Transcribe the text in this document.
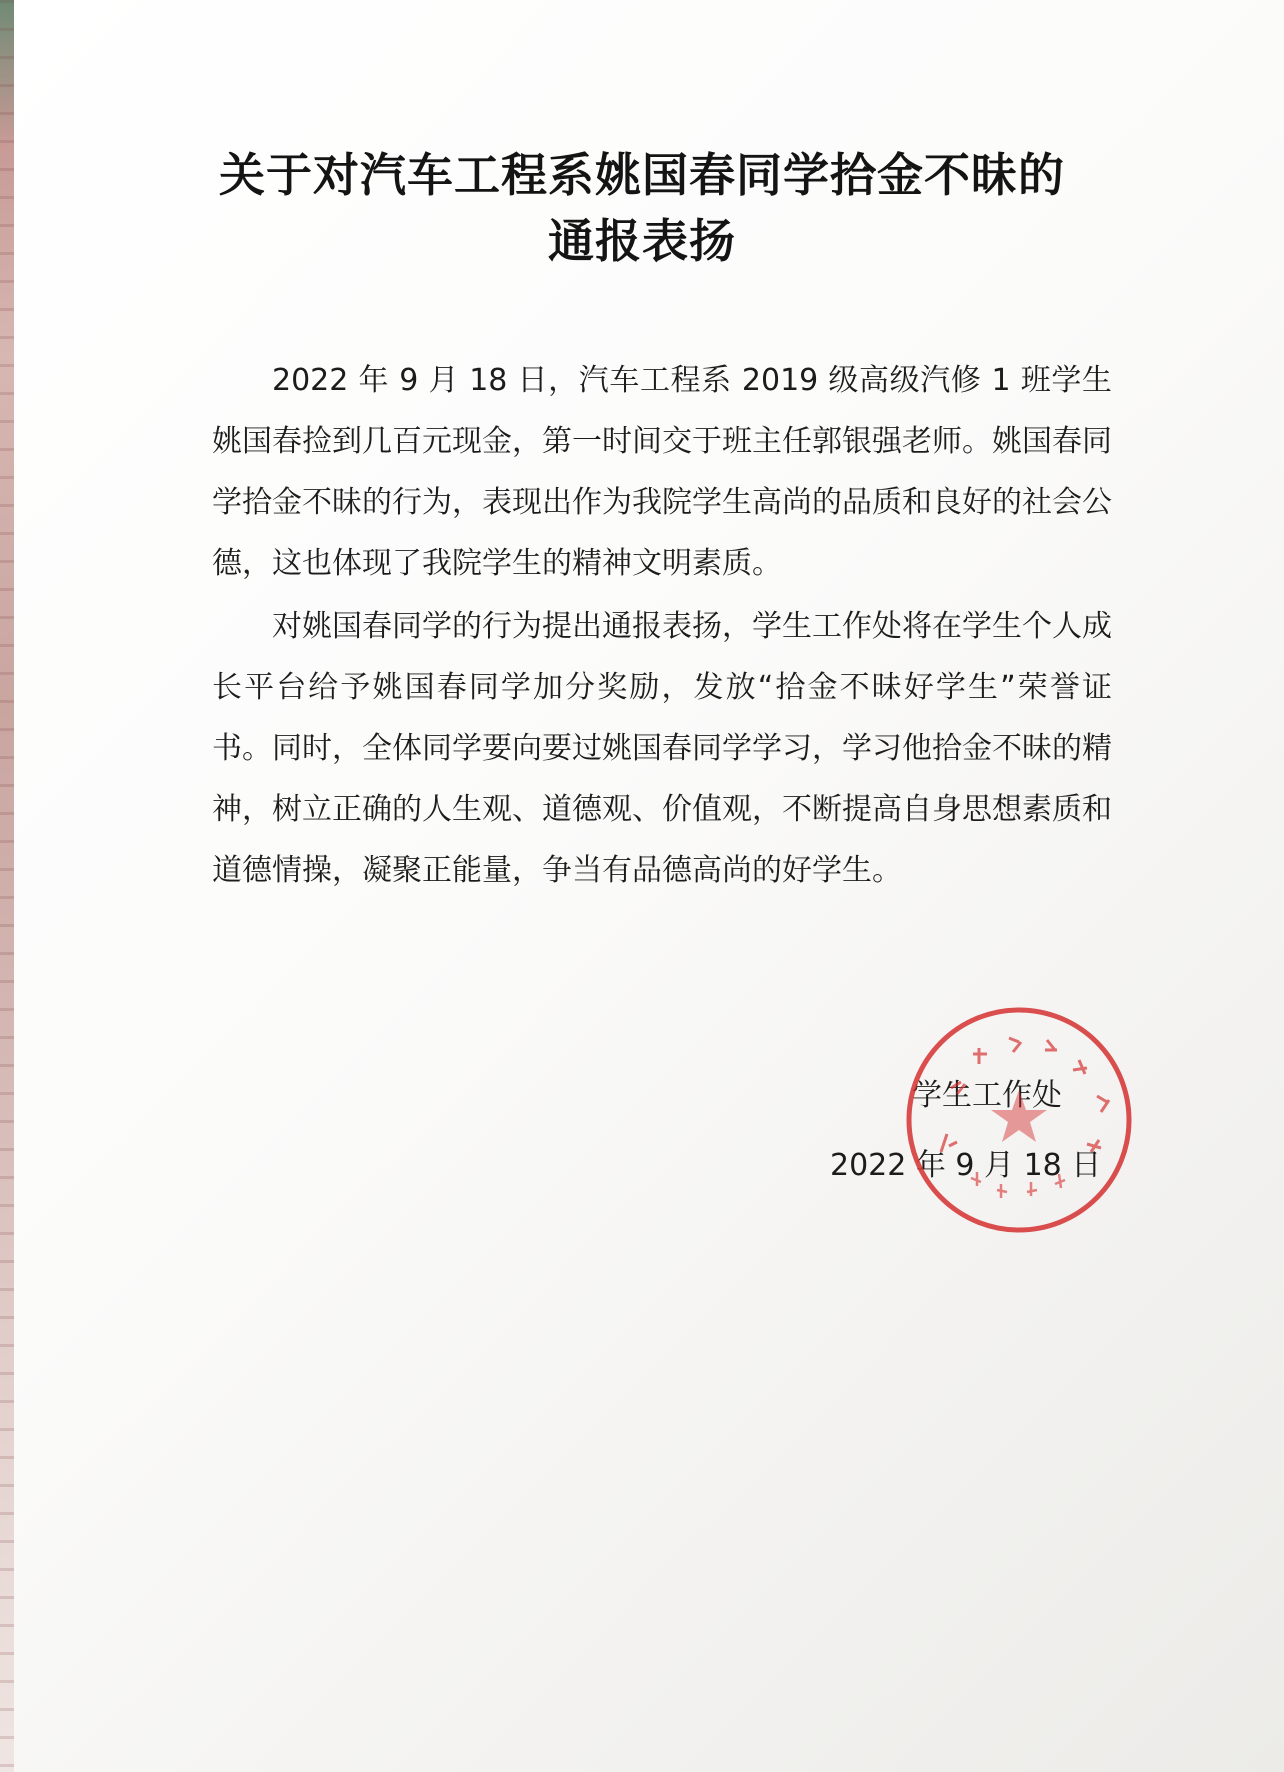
关于对汽车工程系姚国春同学拾金不昧的
通报表扬

2022 年 9 月 18 日，汽车工程系 2019 级高级汽修 1 班学生姚国春捡到几百元现金，第一时间交于班主任郭银强老师。姚国春同学拾金不昧的行为，表现出作为我院学生高尚的品质和良好的社会公德，这也体现了我院学生的精神文明素质。

对姚国春同学的行为提出通报表扬，学生工作处将在学生个人成长平台给予姚国春同学加分奖励，发放“拾金不昧好学生”荣誉证书。同时，全体同学要向要过姚国春同学学习，学习他拾金不昧的精神，树立正确的人生观、道德观、价值观，不断提高自身思想素质和道德情操，凝聚正能量，争当有品德高尚的好学生。

学生工作处
2022 年 9 月 18 日
